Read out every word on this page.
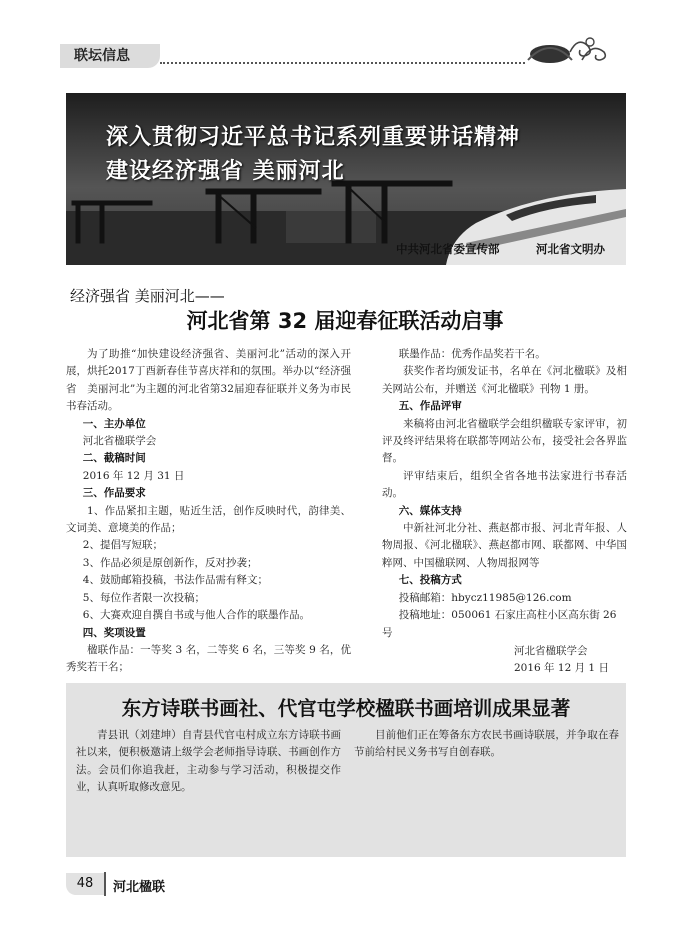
联坛信息
深入贯彻习近平总书记系列重要讲话精神
建设经济强省 美丽河北
中共河北省委宣传部	河北省文明办
经济强省 美丽河北——
河北省第 32 届迎春征联活动启事
为了助推“加快建设经济强省、美丽河北”活动的深入开展，烘托2017丁酉新春佳节喜庆祥和的氛围。举办以“经济强省　美丽河北”为主题的河北省第32届迎春征联并义务为市民书春活动。
一、主办单位
河北省楹联学会
二、截稿时间
2016 年 12 月 31 日
三、作品要求
1、作品紧扣主题，贴近生活，创作反映时代，韵律美、文词美、意境美的作品；
2、提倡写短联；
3、作品必须是原创新作，反对抄袭；
4、鼓励邮箱投稿，书法作品需有释文；
5、每位作者限一次投稿；
6、大赛欢迎自撰自书或与他人合作的联墨作品。
四、奖项设置
楹联作品：一等奖 3 名，二等奖 6 名，三等奖 9 名，优秀奖若干名；
联墨作品：优秀作品奖若干名。
获奖作者均颁发证书，名单在《河北楹联》及相关网站公布，并赠送《河北楹联》刊物 1 册。
五、作品评审
来稿将由河北省楹联学会组织楹联专家评审，初评及终评结果将在联都等网站公布，接受社会各界监督。
评审结束后，组织全省各地书法家进行书春活动。
六、媒体支持
中新社河北分社、燕赵都市报、河北青年报、人物周报、《河北楹联》、燕赵都市网、联都网、中华国粹网、中国楹联网、人物周报网等
七、投稿方式
投稿邮箱：hbycz11985@126.com
投稿地址：050061 石家庄高柱小区高东街 26 号
河北省楹联学会
2016 年 12 月 1 日
东方诗联书画社、代官屯学校楹联书画培训成果显著
青县讯（刘建坤）自青县代官屯村成立东方诗联书画社以来，便积极邀请上级学会老师指导诗联、书画创作方法。会员们你追我赶，主动参与学习活动，积极提交作业，认真听取修改意见。
目前他们正在筹备东方农民书画诗联展，并争取在春节前给村民义务书写自创春联。
48	河北楹联
